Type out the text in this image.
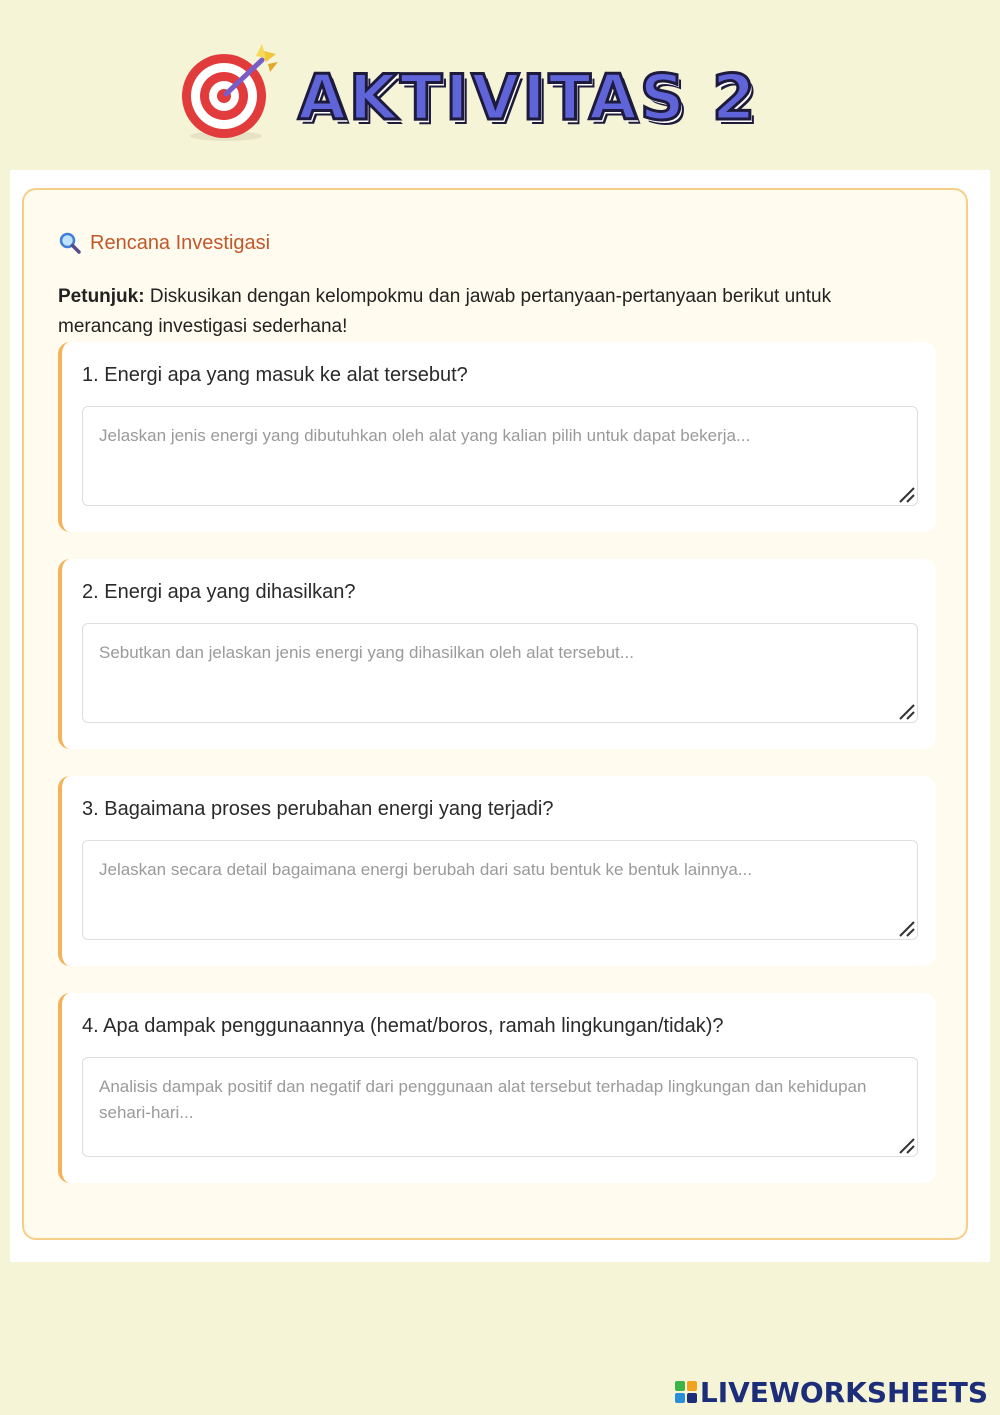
AKTIVITAS 2
Rencana Investigasi
Petunjuk: Diskusikan dengan kelompokmu dan jawab pertanyaan-pertanyaan berikut untuk merancang investigasi sederhana!
1. Energi apa yang masuk ke alat tersebut?
Jelaskan jenis energi yang dibutuhkan oleh alat yang kalian pilih untuk dapat bekerja...
2. Energi apa yang dihasilkan?
Sebutkan dan jelaskan jenis energi yang dihasilkan oleh alat tersebut...
3. Bagaimana proses perubahan energi yang terjadi?
Jelaskan secara detail bagaimana energi berubah dari satu bentuk ke bentuk lainnya...
4. Apa dampak penggunaannya (hemat/boros, ramah lingkungan/tidak)?
Analisis dampak positif dan negatif dari penggunaan alat tersebut terhadap lingkungan dan kehidupan sehari-hari...
LIVEWORKSHEETS
